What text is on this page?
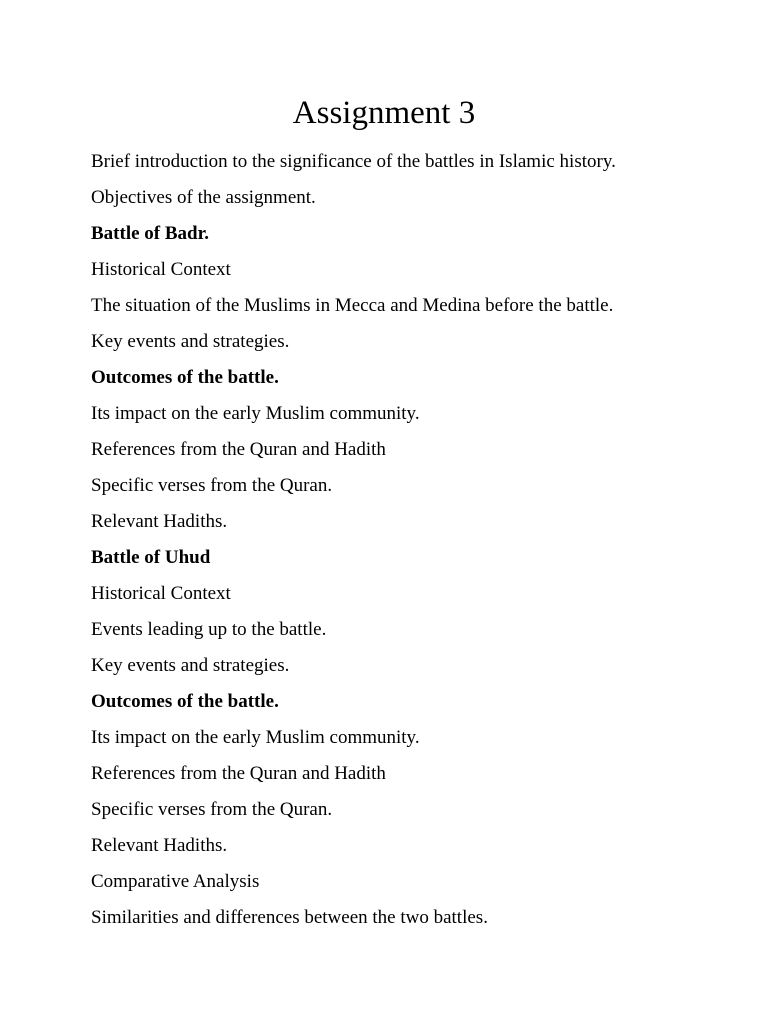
Assignment 3
Brief introduction to the significance of the battles in Islamic history.
Objectives of the assignment.
Battle of Badr.
Historical Context
The situation of the Muslims in Mecca and Medina before the battle.
Key events and strategies.
Outcomes of the battle.
Its impact on the early Muslim community.
References from the Quran and Hadith
Specific verses from the Quran.
Relevant Hadiths.
Battle of Uhud
Historical Context
Events leading up to the battle.
Key events and strategies.
Outcomes of the battle.
Its impact on the early Muslim community.
References from the Quran and Hadith
Specific verses from the Quran.
Relevant Hadiths.
Comparative Analysis
Similarities and differences between the two battles.
